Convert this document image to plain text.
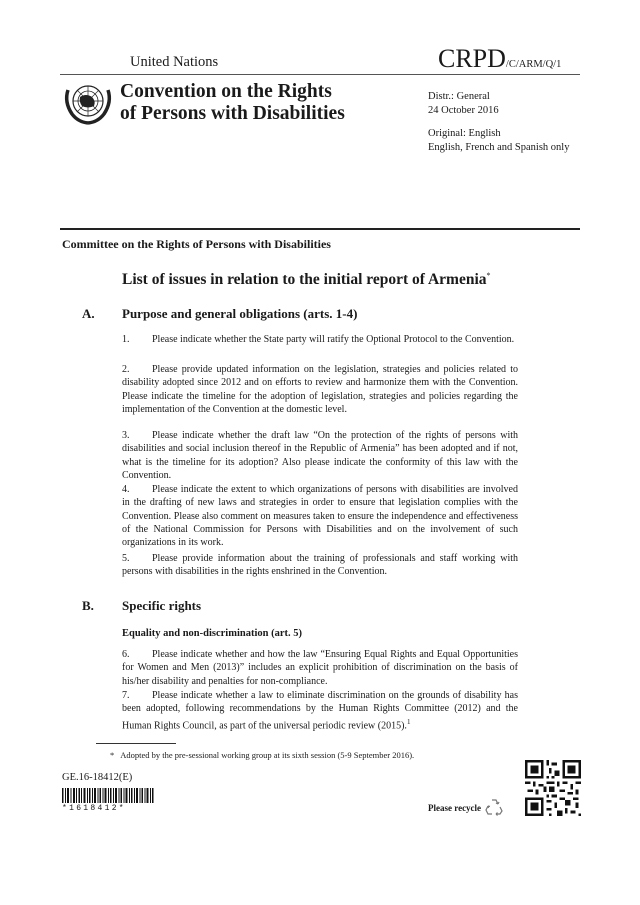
United Nations	CRPD/C/ARM/Q/1
Convention on the Rights
of Persons with Disabilities
Distr.: General
24 October 2016
Original: English
English, French and Spanish only
Committee on the Rights of Persons with Disabilities
List of issues in relation to the initial report of Armenia*
A. Purpose and general obligations (arts. 1-4)
1. Please indicate whether the State party will ratify the Optional Protocol to the Convention.
2. Please provide updated information on the legislation, strategies and policies related to disability adopted since 2012 and on efforts to review and harmonize them with the Convention. Please indicate the timeline for the adoption of legislation, strategies and policies regarding the implementation of the Convention at the domestic level.
3. Please indicate whether the draft law “On the protection of the rights of persons with disabilities and social inclusion thereof in the Republic of Armenia” has been adopted and if not, what is the timeline for its adoption? Also please indicate the conformity of this law with the Convention.
4. Please indicate the extent to which organizations of persons with disabilities are involved in the drafting of new laws and strategies in order to ensure that legislation complies with the Convention. Please also comment on measures taken to ensure the independence and effectiveness of the National Commission for Persons with Disabilities and on the involvement of such organizations in its work.
5. Please provide information about the training of professionals and staff working with persons with disabilities in the rights enshrined in the Convention.
B. Specific rights
Equality and non-discrimination (art. 5)
6. Please indicate whether and how the law “Ensuring Equal Rights and Equal Opportunities for Women and Men (2013)” includes an explicit prohibition of discrimination on the basis of his/her disability and penalties for non-compliance.
7. Please indicate whether a law to eliminate discrimination on the grounds of disability has been adopted, following recommendations by the Human Rights Committee (2012) and the Human Rights Council, as part of the universal periodic review (2015).$^1$
* Adopted by the pre-sessional working group at its sixth session (5-9 September 2016).
GE.16-18412(E)
*1618412*	Please recycle
